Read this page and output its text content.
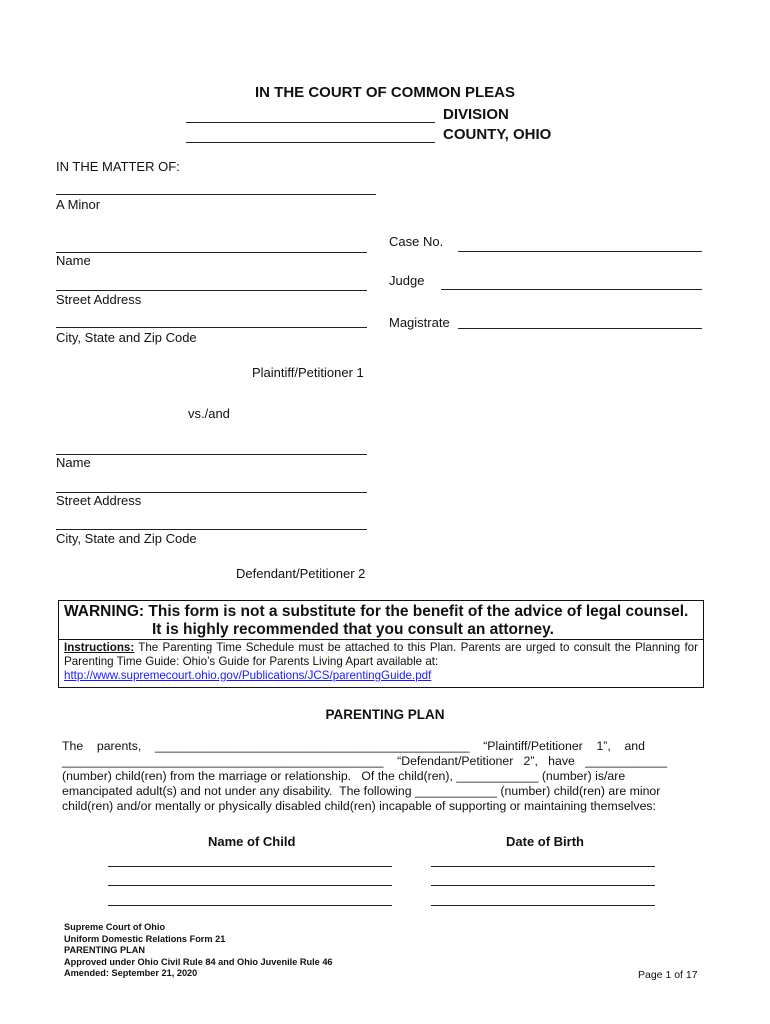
IN THE COURT OF COMMON PLEAS
DIVISION
COUNTY, OHIO
IN THE MATTER OF:
A Minor
Case No.
Judge
Magistrate
Name
Street Address
City, State and Zip Code
Plaintiff/Petitioner 1
vs./and
Name
Street Address
City, State and Zip Code
Defendant/Petitioner 2
WARNING: This form is not a substitute for the benefit of the advice of legal counsel.
It is highly recommended that you consult an attorney.
Instructions: The Parenting Time Schedule must be attached to this Plan. Parents are urged to consult the Planning for Parenting Time Guide: Ohio’s Guide for Parents Living Apart available at:
http://www.supremecourt.ohio.gov/Publications/JCS/parentingGuide.pdf
PARENTING PLAN
The    parents,    ______________________________________________    “Plaintiff/Petitioner    1”,    and
_______________________________________________    “Defendant/Petitioner   2”,   have   ____________
(number) child(ren) from the marriage or relationship.   Of the child(ren), ____________ (number) is/are
emancipated adult(s) and not under any disability.  The following ____________ (number) child(ren) are minor
child(ren) and/or mentally or physically disabled child(ren) incapable of supporting or maintaining themselves:
Name of Child	Date of Birth
Supreme Court of Ohio
Uniform Domestic Relations Form 21
PARENTING PLAN
Approved under Ohio Civil Rule 84 and Ohio Juvenile Rule 46
Amended: September 21, 2020	Page 1 of 17
